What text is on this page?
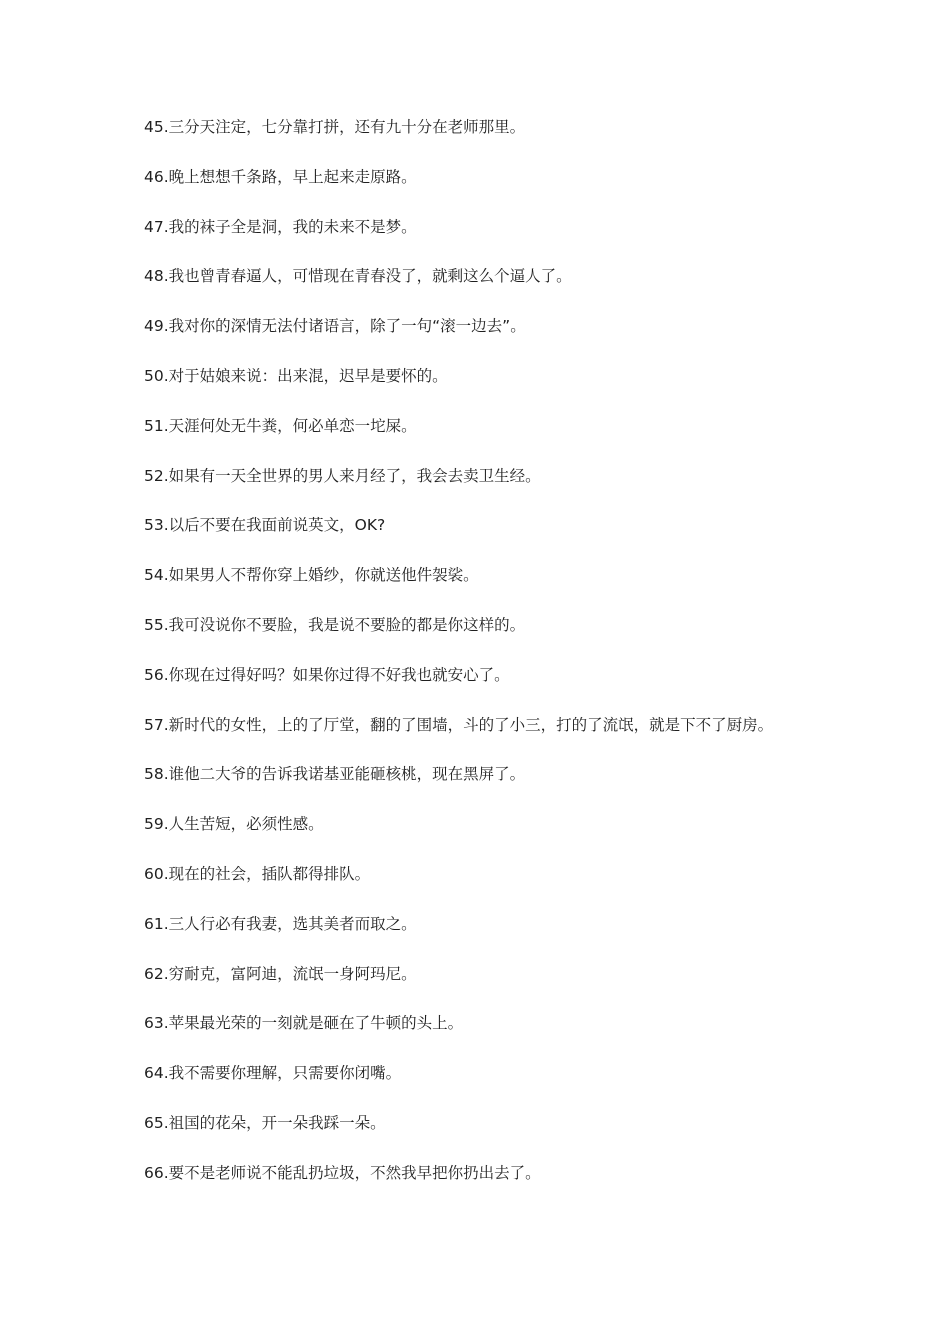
45.三分天注定，七分靠打拼，还有九十分在老师那里。
46.晚上想想千条路，早上起来走原路。
47.我的袜子全是洞，我的未来不是梦。
48.我也曾青春逼人，可惜现在青春没了，就剩这么个逼人了。
49.我对你的深情无法付诸语言，除了一句“滚一边去”。
50.对于姑娘来说：出来混，迟早是要怀的。
51.天涯何处无牛粪，何必单恋一坨屎。
52.如果有一天全世界的男人来月经了，我会去卖卫生经。
53.以后不要在我面前说英文，OK?
54.如果男人不帮你穿上婚纱，你就送他件袈裟。
55.我可没说你不要脸，我是说不要脸的都是你这样的。
56.你现在过得好吗？如果你过得不好我也就安心了。
57.新时代的女性，上的了厅堂，翻的了围墙，斗的了小三，打的了流氓，就是下不了厨房。
58.谁他二大爷的告诉我诺基亚能砸核桃，现在黑屏了。
59.人生苦短，必须性感。
60.现在的社会，插队都得排队。
61.三人行必有我妻，选其美者而取之。
62.穷耐克，富阿迪，流氓一身阿玛尼。
63.苹果最光荣的一刻就是砸在了牛顿的头上。
64.我不需要你理解，只需要你闭嘴。
65.祖国的花朵，开一朵我踩一朵。
66.要不是老师说不能乱扔垃圾，不然我早把你扔出去了。
